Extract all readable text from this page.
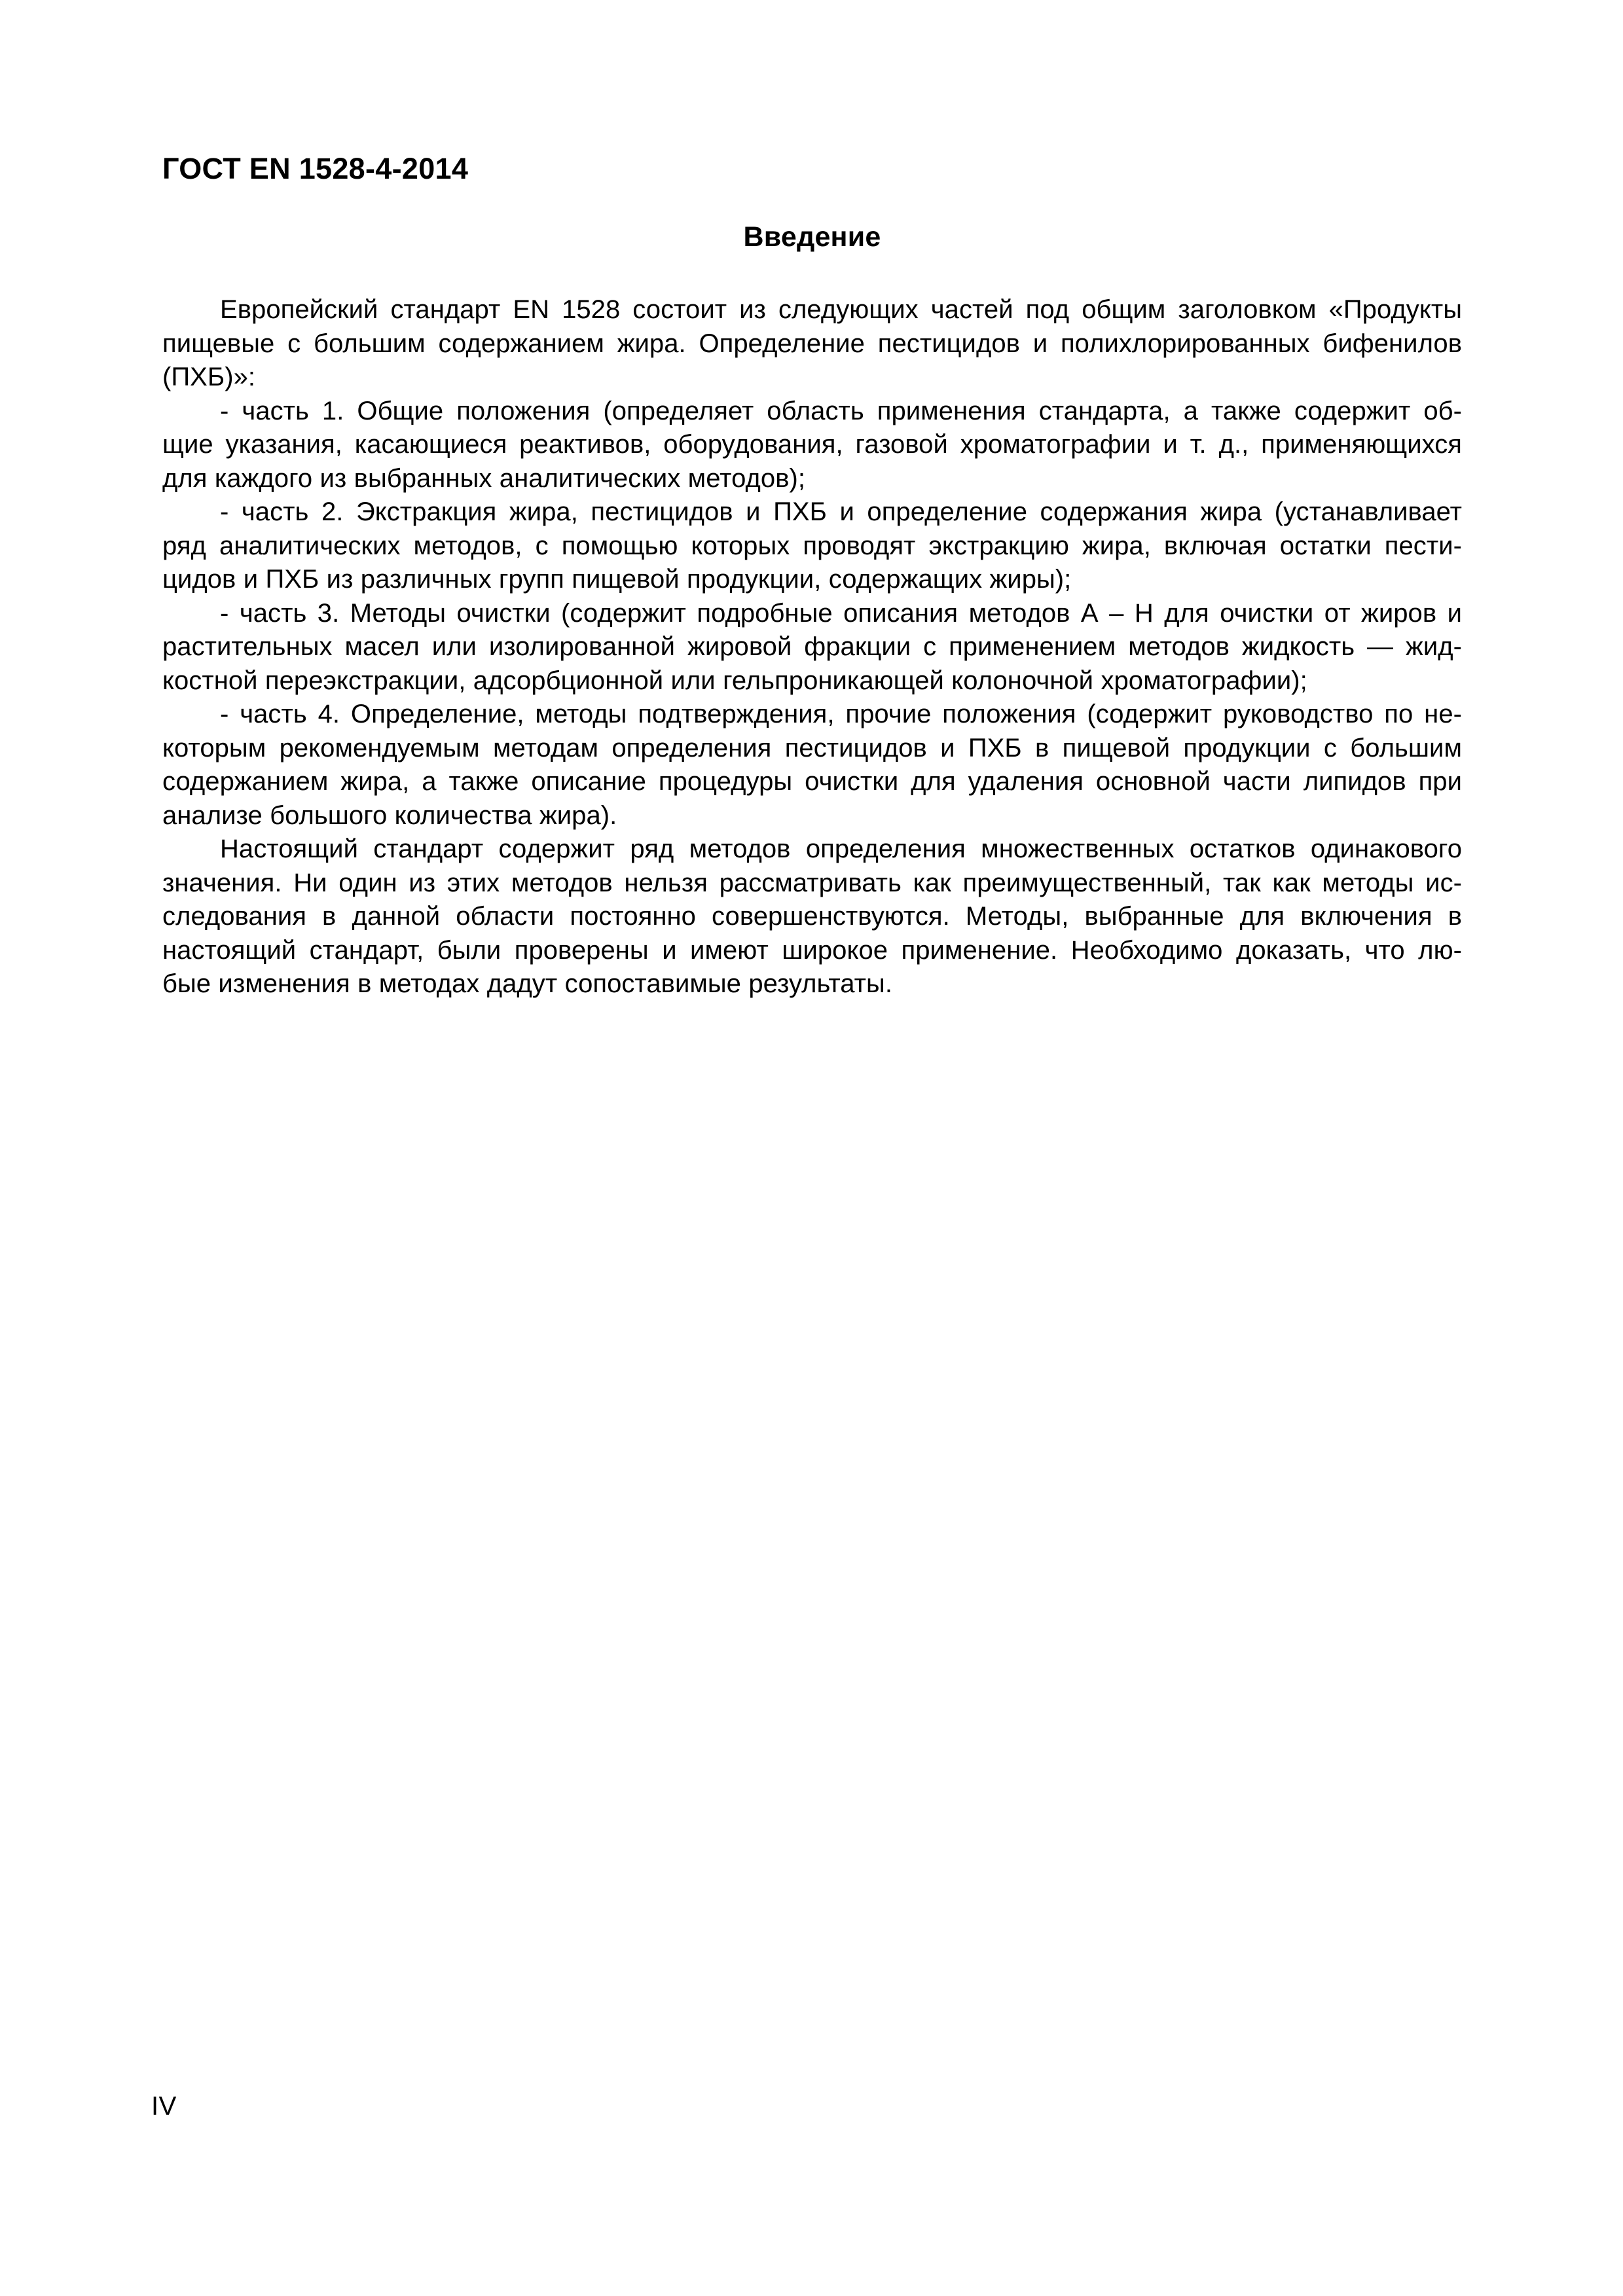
ГОСТ EN 1528-4-2014
Введение

Европейский стандарт EN 1528 состоит из следующих частей под общим заголовком «Продукты
пищевые с большим содержанием жира. Определение пестицидов и полихлорированных бифенилов
(ПХБ)»:

- часть 1. Общие положения (определяет область применения стандарта, а также содержит об-
щие указания, касающиеся реактивов, оборудования, газовой хроматографии и т. д., применяющихся
для каждого из выбранных аналитических методов);

- часть 2. Экстракция жира, пестицидов и ПХБ и определение содержания жира (устанавливает
ряд аналитических методов, с помощью которых проводят экстракцию жира, включая остатки пести-
цидов и ПХБ из различных групп пищевой продукции, содержащих жиры);

- часть 3. Методы очистки (содержит подробные описания методов А – Н для очистки от жиров и
растительных масел или изолированной жировой фракции с применением методов жидкость — жид-
костной переэкстракции, адсорбционной или гельпроникающей колоночной хроматографии);

- часть 4. Определение, методы подтверждения, прочие положения (содержит руководство по не-
которым рекомендуемым методам определения пестицидов и ПХБ в пищевой продукции с большим
содержанием жира, а также описание процедуры очистки для удаления основной части липидов при
анализе большого количества жира).

Настоящий стандарт содержит ряд методов определения множественных остатков одинакового
значения. Ни один из этих методов нельзя рассматривать как преимущественный, так как методы ис-
следования в данной области постоянно совершенствуются. Методы, выбранные для включения в
настоящий стандарт, были проверены и имеют широкое применение. Необходимо доказать, что лю-
бые изменения в методах дадут сопоставимые результаты.

IV
